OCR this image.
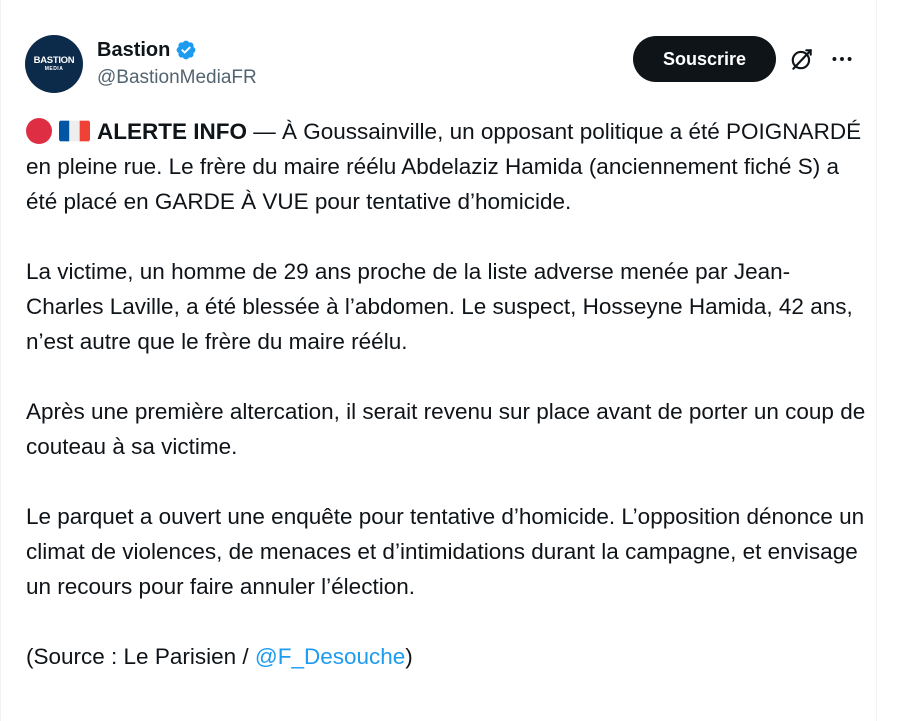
BASTION
MEDIA
Bastion
@BastionMediaFR
Souscrire

ALERTE INFO — À Goussainville, un opposant politique a été POIGNARDÉ en pleine rue. Le frère du maire réélu Abdelaziz Hamida (anciennement fiché S) a été placé en GARDE À VUE pour tentative d’homicide.

La victime, un homme de 29 ans proche de la liste adverse menée par Jean-Charles Laville, a été blessée à l’abdomen. Le suspect, Hosseyne Hamida, 42 ans, n’est autre que le frère du maire réélu.

Après une première altercation, il serait revenu sur place avant de porter un coup de couteau à sa victime.

Le parquet a ouvert une enquête pour tentative d’homicide. L’opposition dénonce un climat de violences, de menaces et d’intimidations durant la campagne, et envisage un recours pour faire annuler l’élection.

(Source : Le Parisien / @F_Desouche)
